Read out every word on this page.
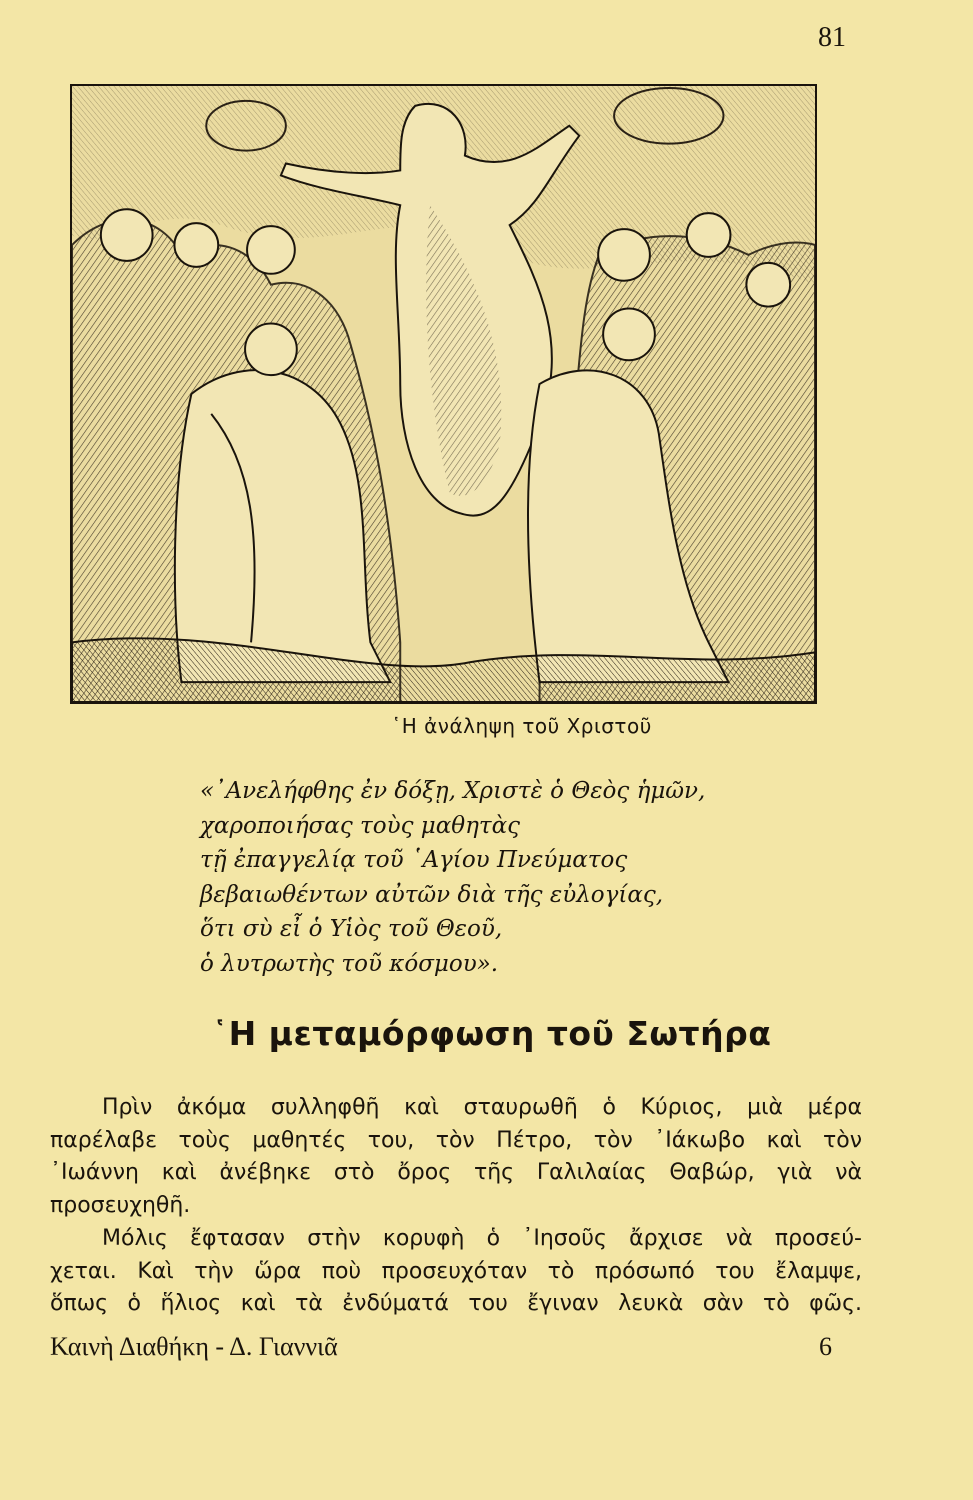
81
῾Η ἀνάληψη τοῦ Χριστοῦ
«᾿Ανελήφθης ἐν δόξῃ, Χριστὲ ὁ Θεὸς ἡμῶν,
χαροποιήσας τοὺς μαθητὰς
τῇ ἐπαγγελίᾳ τοῦ ῾Αγίου Πνεύματος
βεβαιωθέντων αὐτῶν διὰ τῆς εὐλογίας,
ὅτι σὺ εἶ ὁ Υἱὸς τοῦ Θεοῦ,
ὁ λυτρωτὴς τοῦ κόσμου».
῾Η μεταμόρφωση τοῦ Σωτήρα
Πρὶν ἀκόμα συλληφθῆ καὶ σταυρωθῆ ὁ Κύριος, μιὰ μέρα
παρέλαβε τοὺς μαθητές του, τὸν Πέτρο, τὸν ᾿Ιάκωβο καὶ τὸν
᾿Ιωάννη καὶ ἀνέβηκε στὸ ὄρος τῆς Γαλιλαίας Θαβώρ, γιὰ νὰ
προσευχηθῆ.
Μόλις ἔφτασαν στὴν κορυφὴ ὁ ᾿Ιησοῦς ἄρχισε νὰ προσεύ-
χεται. Καὶ τὴν ὥρα ποὺ προσευχόταν τὸ πρόσωπό του ἔλαμψε,
ὅπως ὁ ἥλιος καὶ τὰ ἐνδύματά του ἔγιναν λευκὰ σὰν τὸ φῶς.
Καινὴ Διαθήκη - Δ. Γιαννιᾶ	6
